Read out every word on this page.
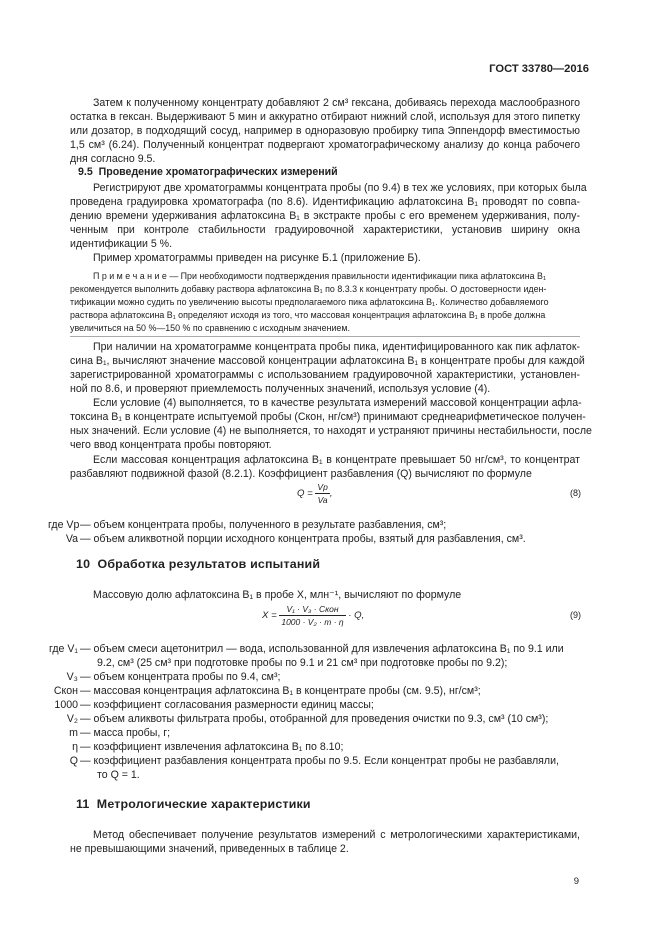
ГОСТ 33780—2016
Затем к полученному концентрату добавляют 2 см³ гексана, добиваясь перехода маслообразного
остатка в гексан. Выдерживают 5 мин и аккуратно отбирают нижний слой, используя для этого пипетку
или дозатор, в подходящий сосуд, например в одноразовую пробирку типа Эппендорф вместимостью
1,5 см³ (6.24). Полученный концентрат подвергают хроматографическому анализу до конца рабочего
дня согласно 9.5.
9.5 Проведение хроматографических измерений
Регистрируют две хроматограммы концентрата пробы (по 9.4) в тех же условиях, при которых была
проведена градуировка хроматографа (по 8.6). Идентификацию афлатоксина B₁ проводят по совпа-
дению времени удерживания афлатоксина B₁ в экстракте пробы с его временем удерживания, полу-
ченным при контроле стабильности градуировочной характеристики, установив ширину окна
идентификации 5 %.
Пример хроматограммы приведен на рисунке Б.1 (приложение Б).
П р и м е ч а н и е — При необходимости подтверждения правильности идентификации пика афлатоксина B₁
рекомендуется выполнить добавку раствора афлатоксина B₁ по 8.3.3 к концентрату пробы. О достоверности иден-
тификации можно судить по увеличению высоты предполагаемого пика афлатоксина B₁. Количество добавляемого
раствора афлатоксина B₁ определяют исходя из того, что массовая концентрация афлатоксина B₁ в пробе должна
увеличиться на 50 %—150 % по сравнению с исходным значением.
При наличии на хроматограмме концентрата пробы пика, идентифицированного как пик афлаток-
сина B₁, вычисляют значение массовой концентрации афлатоксина B₁ в концентрате пробы для каждой
зарегистрированной хроматограммы с использованием градуировочной характеристики, установлен-
ной по 8.6, и проверяют приемлемость полученных значений, используя условие (4).
Если условие (4) выполняется, то в качестве результата измерений массовой концентрации афла-
токсина B₁ в концентрате испытуемой пробы (Cкон, нг/см³) принимают среднеарифметическое получен-
ных значений. Если условие (4) не выполняется, то находят и устраняют причины нестабильности, после
чего ввод концентрата пробы повторяют.
Если массовая концентрация афлатоксина B₁ в концентрате превышает 50 нг/см³, то концентрат
разбавляют подвижной фазой (8.2.1). Коэффициент разбавления (Q) вычисляют по формуле
$Q = \frac{Vp}{Va}$ ,	(8)
где Vp — объем концентрата пробы, полученного в результате разбавления, см³;
Va — объем аликвотной порции исходного концентрата пробы, взятый для разбавления, см³.
10 Обработка результатов испытаний
Массовую долю афлатоксина B₁ в пробе X, млн⁻¹, вычисляют по формуле
$X = \frac{\text{V₁ · V₃ · Cкон}}{\text{1000 · V₂ · m · η}} \cdot Q$,	(9)
где V₁ — объем смеси ацетонитрил — вода, использованной для извлечения афлатоксина B₁ по 9.1 или
9.2, см³ (25 см³ при подготовке пробы по 9.1 и 21 см³ при подготовке пробы по 9.2);
V₃ — объем концентрата пробы по 9.4, см³;
Cкон — массовая концентрация афлатоксина B₁ в концентрате пробы (см. 9.5), нг/см³;
1000 — коэффициент согласования размерности единиц массы;
V₂ — объем аликвоты фильтрата пробы, отобранной для проведения очистки по 9.3, см³ (10 см³);
m — масса пробы, г;
η — коэффициент извлечения афлатоксина B₁ по 8.10;
Q — коэффициент разбавления концентрата пробы по 9.5. Если концентрат пробы не разбавляли,
то Q = 1.
11 Метрологические характеристики
Метод обеспечивает получение результатов измерений с метрологическими характеристиками,
не превышающими значений, приведенных в таблице 2.
9
